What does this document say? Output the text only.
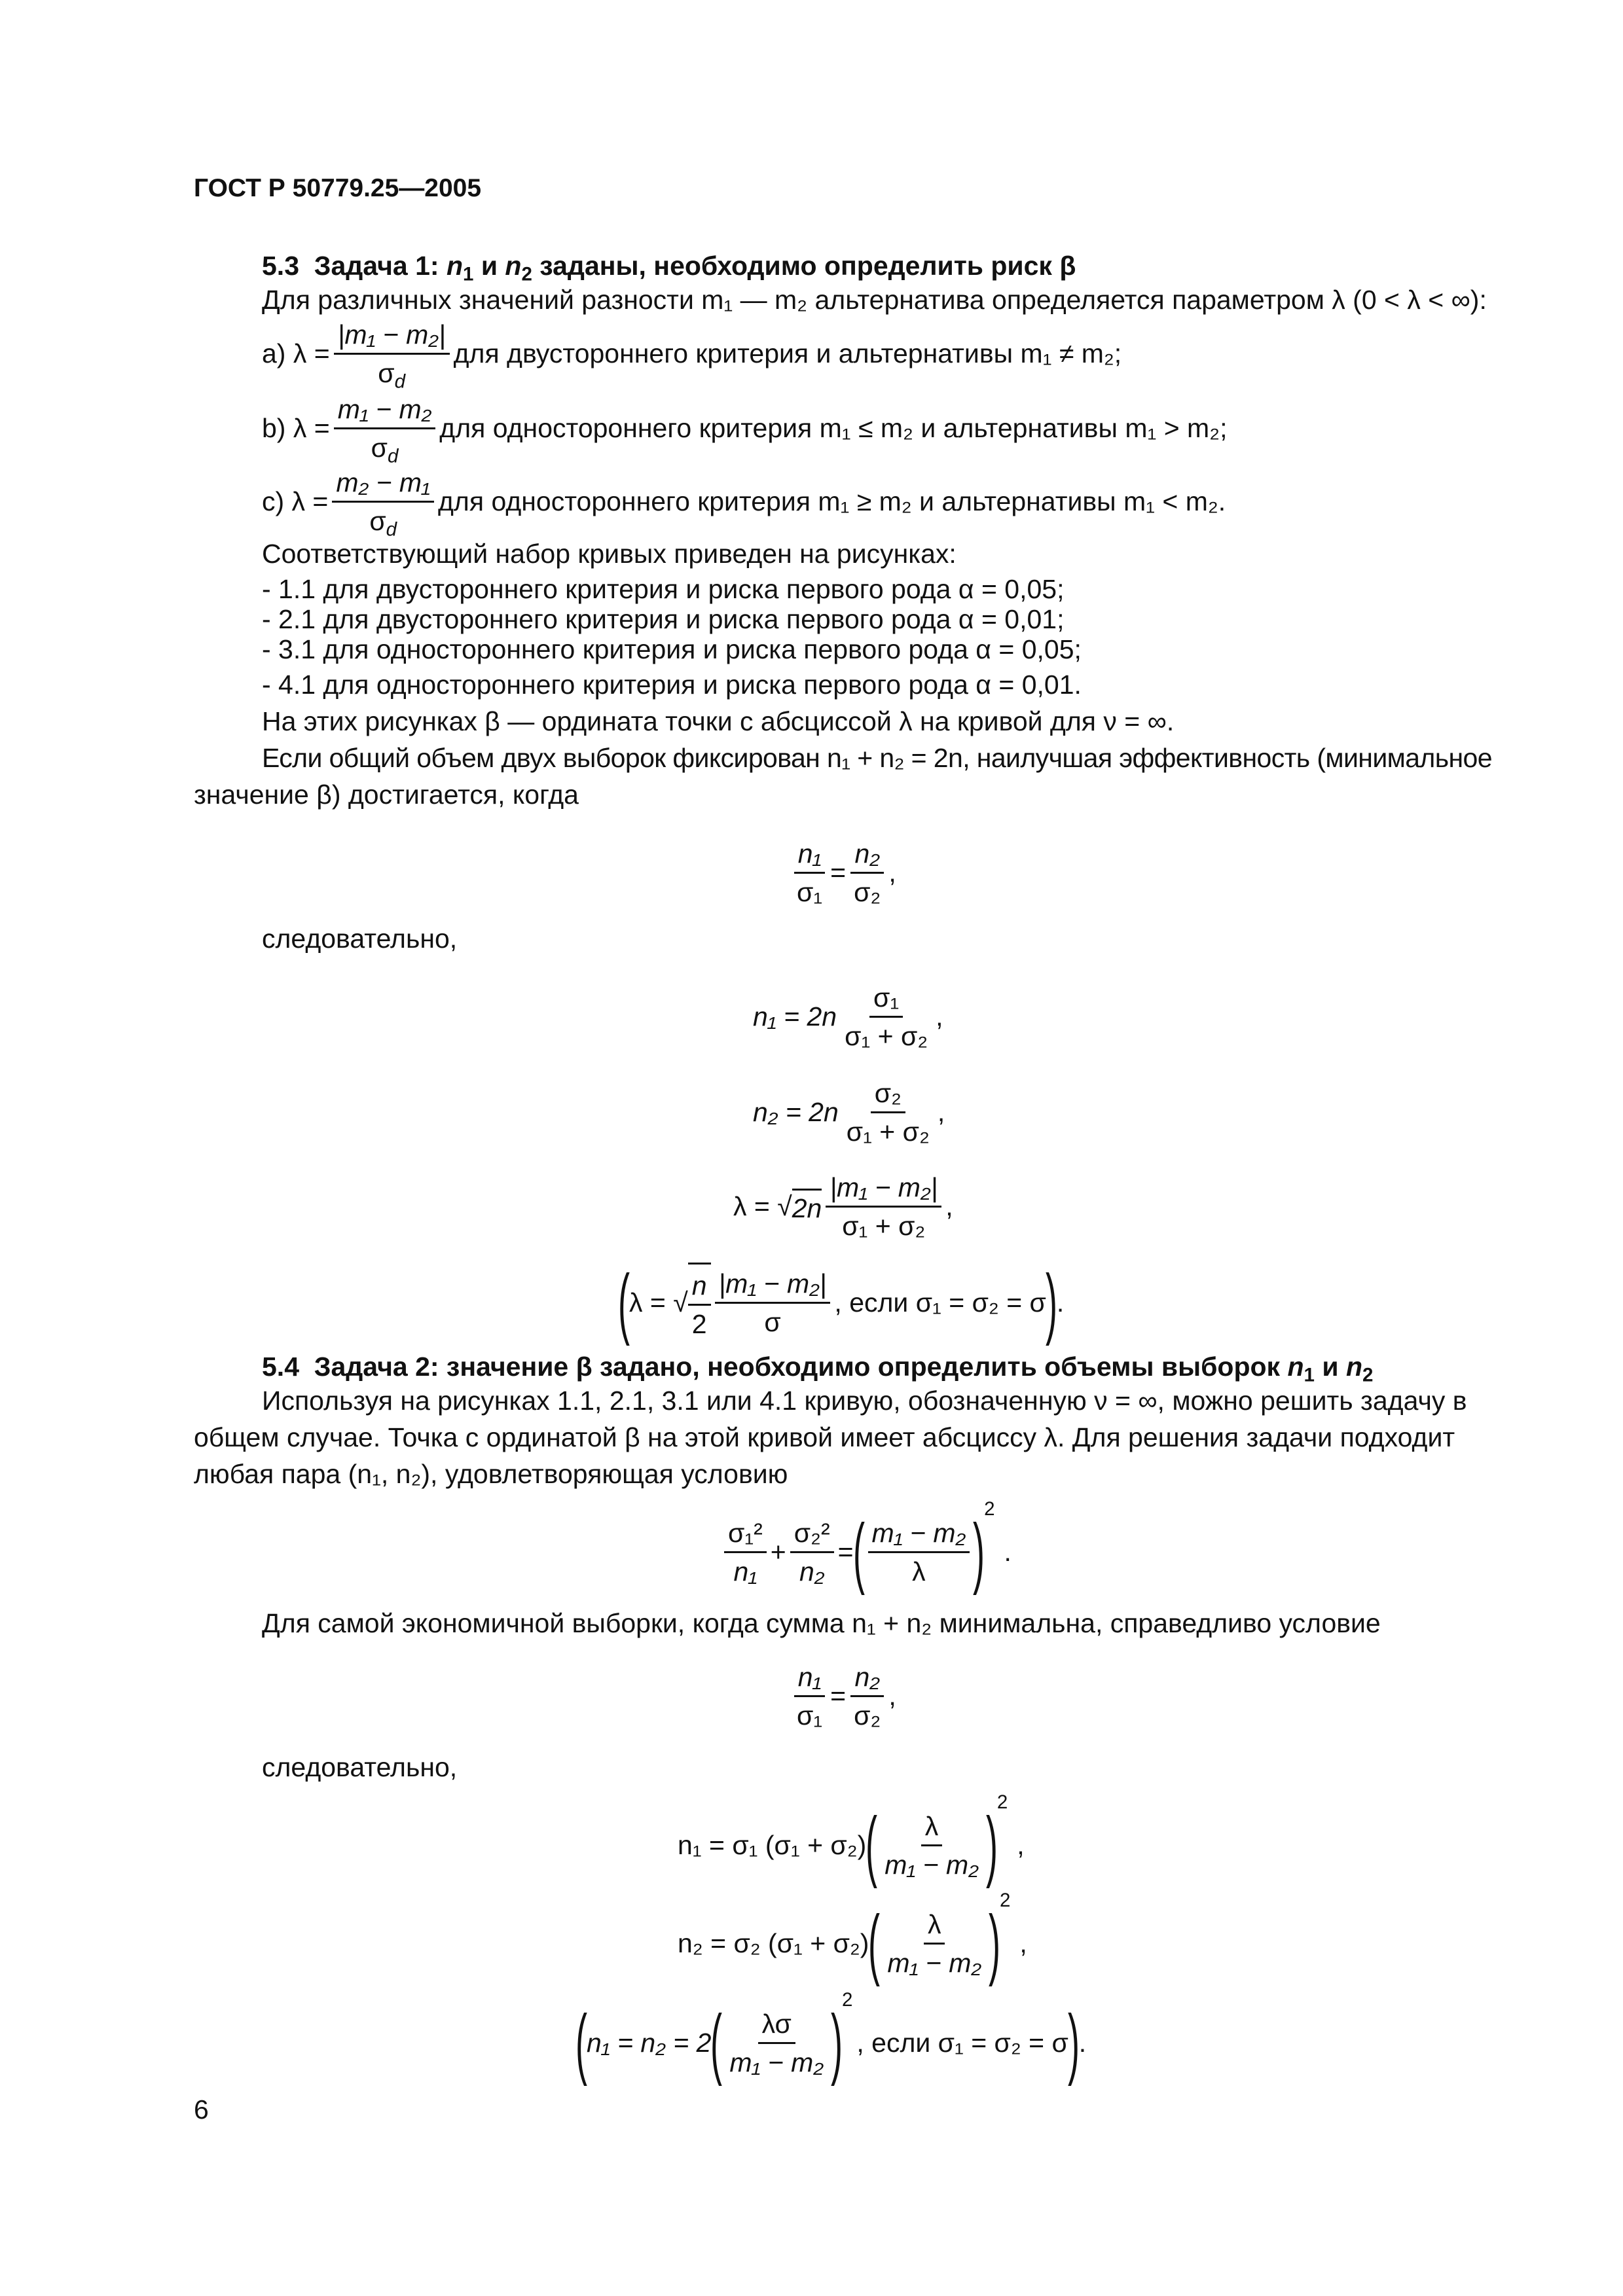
ГОСТ Р 50779.25—2005
5.3 Задача 1: $n_1$ и $n_2$ заданы, необходимо определить риск β
Для различных значений разности m₁ — m₂ альтернатива определяется параметром λ (0 < λ < ∞):
a) $\lambda = \frac{\text{|m₁ − m₂|}}{\sigma_d}$ для двустороннего критерия и альтернативы m₁ ≠ m₂;
b) $\lambda = \frac{\text{m₁ − m₂}}{\sigma_d}$ для одностороннего критерия m₁ ≤ m₂ и альтернативы m₁ > m₂;
c) $\lambda = \frac{\text{m₂ − m₁}}{\sigma_d}$ для одностороннего критерия m₁ ≥ m₂ и альтернативы m₁ < m₂.
Соответствующий набор кривых приведен на рисунках:
- 1.1 для двустороннего критерия и риска первого рода α = 0,05;
- 2.1 для двустороннего критерия и риска первого рода α = 0,01;
- 3.1 для одностороннего критерия и риска первого рода α = 0,05;
- 4.1 для одностороннего критерия и риска первого рода α = 0,01.
На этих рисунках β — ордината точки с абсциссой λ на кривой для ν = ∞.
Если общий объем двух выборок фиксирован n₁ + n₂ = 2n, наилучшая эффективность (минимальное
значение β) достигается, когда
$\frac{\text{n₁}}{\text{σ₁}} = \frac{\text{n₂}}{\text{σ₂}}$ ,
следовательно,
$n_1 = 2n \frac{\text{σ₁}}{\text{σ₁ + σ₂}}$ ,
$n_2 = 2n \frac{\text{σ₂}}{\text{σ₁ + σ₂}}$ ,
λ = √ $2n \frac{\text{|m₁ − m₂|}}{\text{σ₁ + σ₂}}$ ,
(
λ = √ $\frac{n}{2} \frac{\text{|m₁ − m₂|}}{\sigma}$ , если σ₁ = σ₂ = σ
)
.
5.4 Задача 2: значение β задано, необходимо определить объемы выборок $n_1$ и $n_2$
Используя на рисунках 1.1, 2.1, 3.1 или 4.1 кривую, обозначенную ν = ∞, можно решить задачу в
общем случае. Точка с ординатой β на этой кривой имеет абсциссу λ. Для решения задачи подходит
любая пара (n₁, n₂), удовлетворяющая условию
$\frac{\text{σ₁²}}{\text{n₁}} + \frac{\text{σ₂²}}{\text{n₂}}$ =
( $\frac{\text{m₁ − m₂}}{\lambda}$ )
2
.
Для самой экономичной выборки, когда сумма n₁ + n₂ минимальна, справедливо условие
$\frac{\text{n₁}}{\text{σ₁}} = \frac{\text{n₂}}{\text{σ₂}}$ ,
следовательно,
n₁ = σ₁ (σ₁ + σ₂)
( $\frac{\lambda}{\text{m₁ − m₂}}$ )
2
,
n₂ = σ₂ (σ₁ + σ₂)
( $\frac{\lambda}{\text{m₁ − m₂}}$ )
2
,
(
n₁ = n₂ = 2
( $\frac{\lambda\sigma}{\text{m₁ − m₂}}$ )
2
, если σ₁ = σ₂ = σ
)
.
6
